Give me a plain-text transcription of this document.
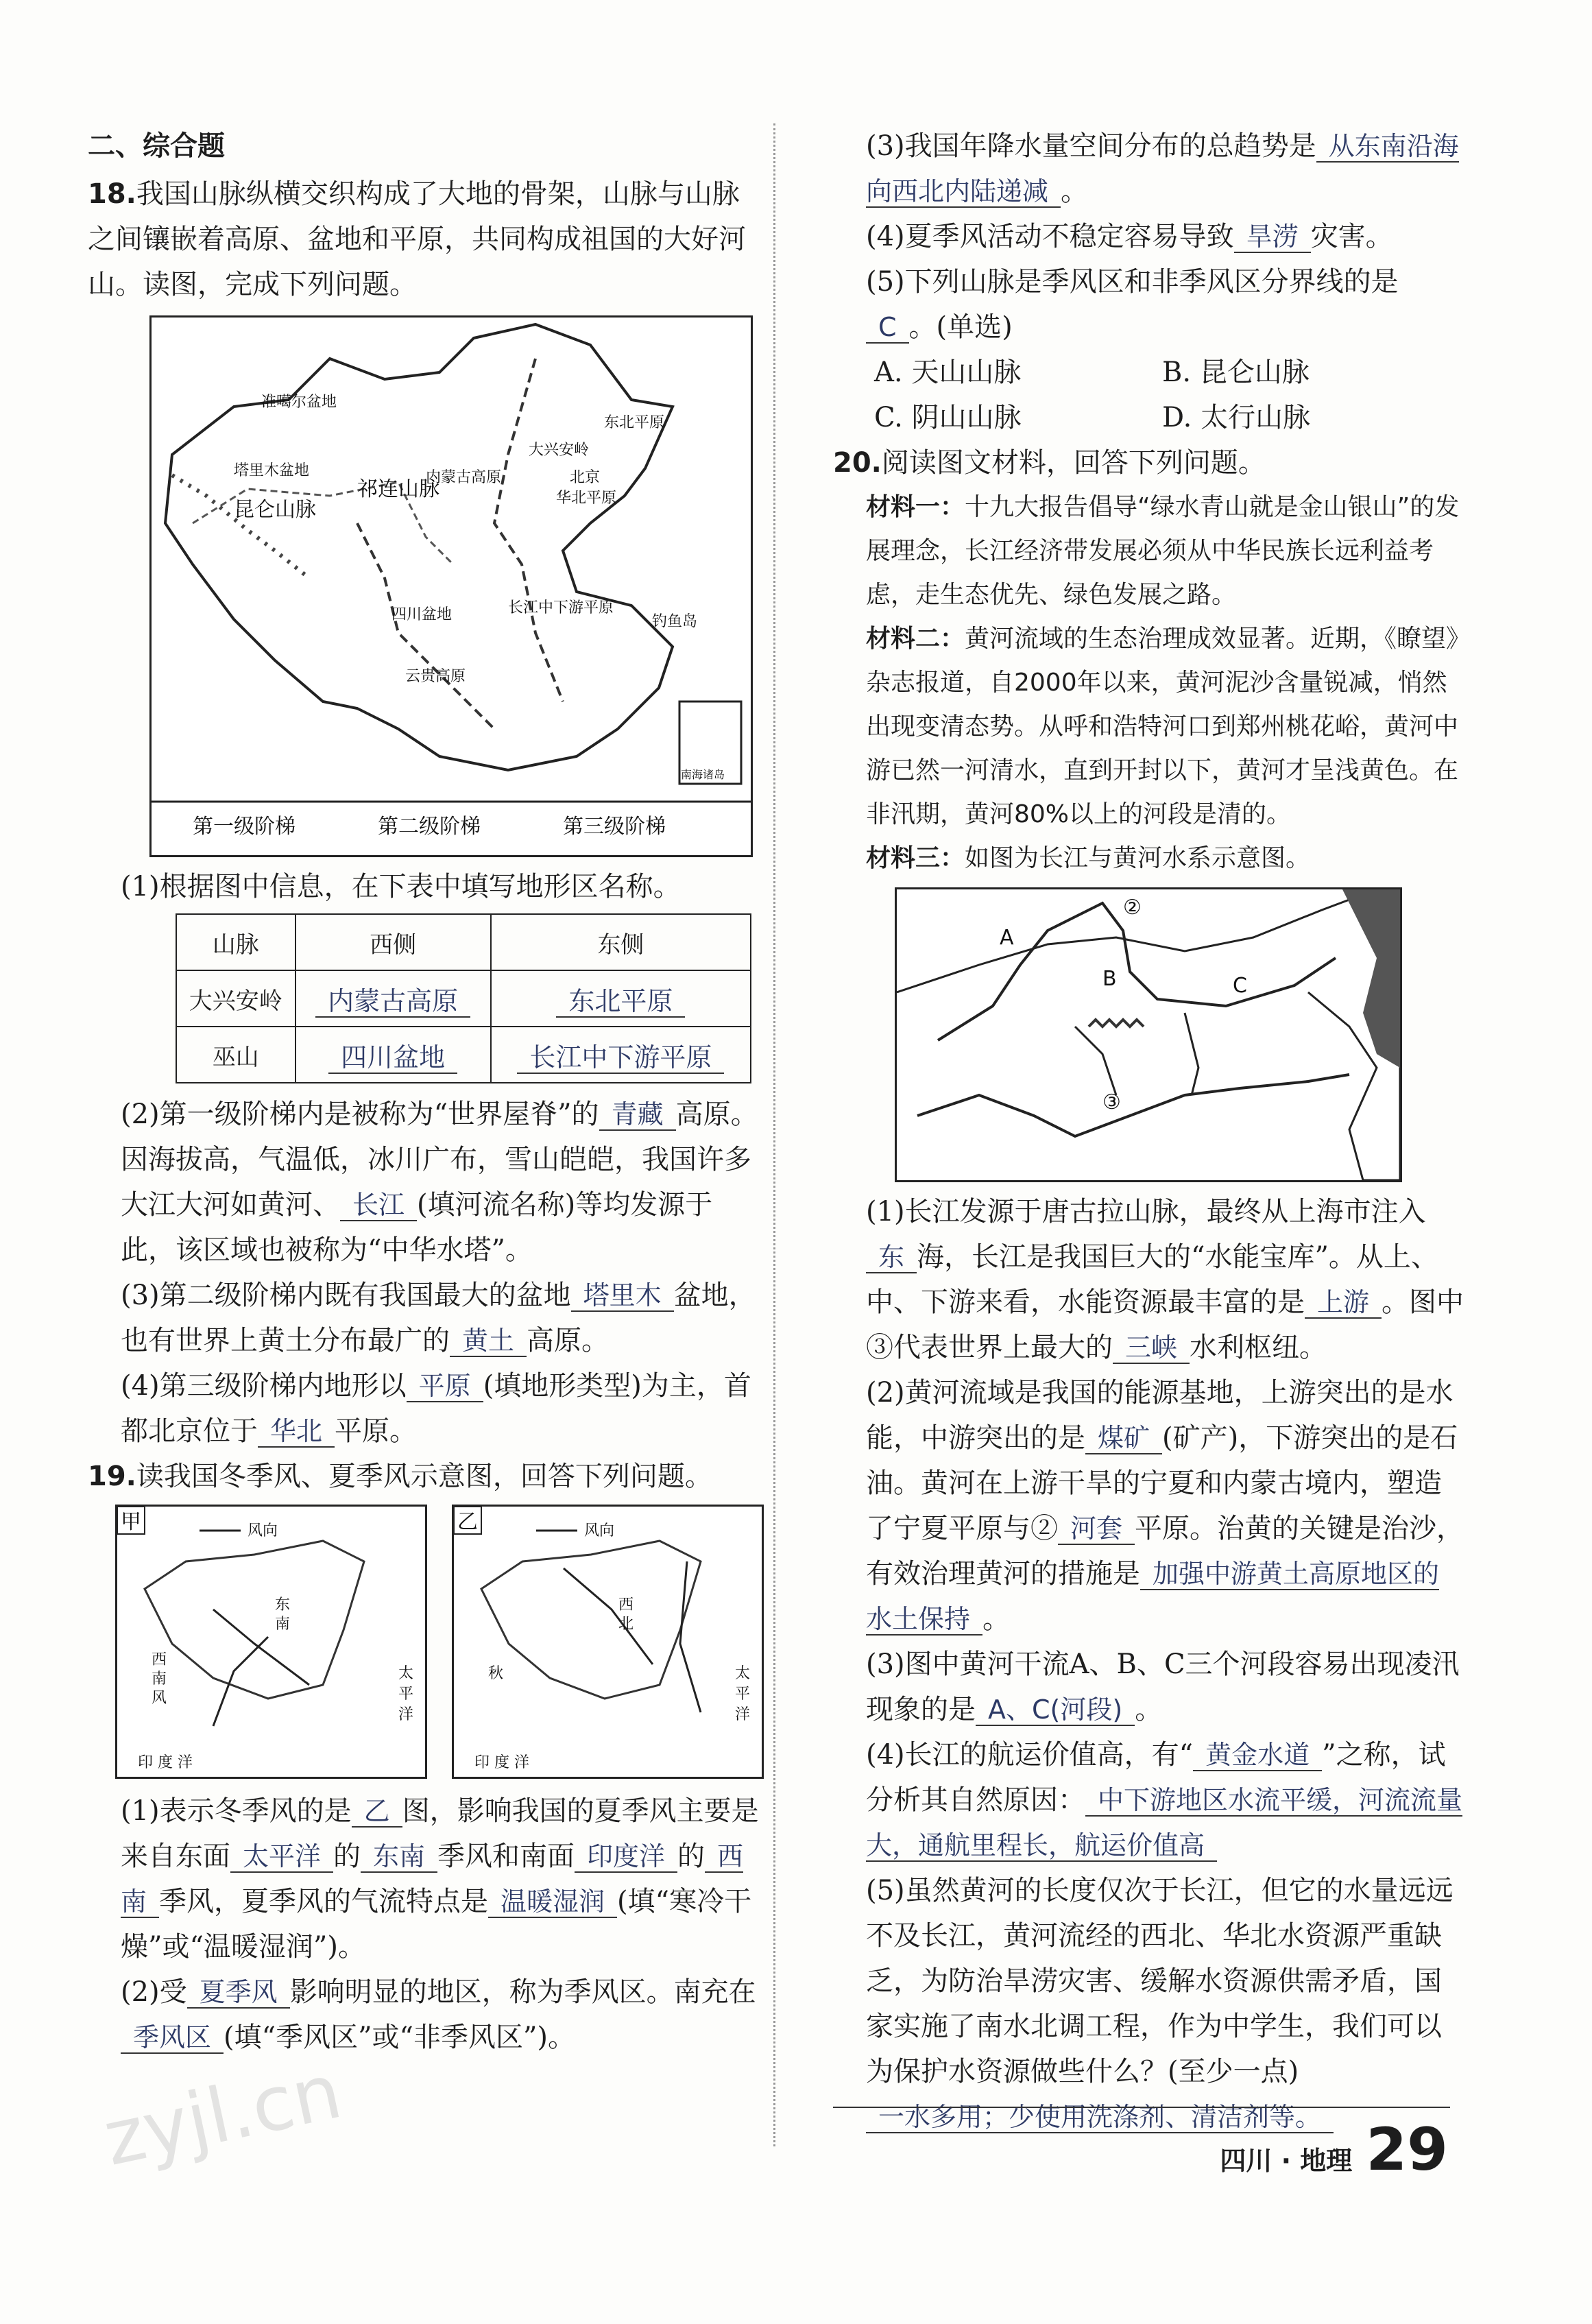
二、综合题

18.我国山脉纵横交织构成了大地的骨架，山脉与山脉之间镶嵌着高原、盆地和平原，共同构成祖国的大好河山。读图，完成下列问题。

准噶尔盆地
塔里木盆地
昆仑山脉
祁连山脉
内蒙古高原
大兴安岭
东北平原
北京
华北平原
四川盆地	长江中下游平原
云贵高原
钓鱼岛
南海诸岛
第一级阶梯	第二级阶梯	第三级阶梯

(1)根据图中信息，在下表中填写地形区名称。

山脉	西侧	东侧
大兴安岭	内蒙古高原	东北平原
巫山	四川盆地	长江中下游平原

(2)第一级阶梯内是被称为“世界屋脊”的 青藏 高原。因海拔高，气温低，冰川广布，雪山皑皑，我国许多大江大河如黄河、 长江 (填河流名称)等均发源于此，该区域也被称为“中华水塔”。

(3)第二级阶梯内既有我国最大的盆地 塔里木 盆地，也有世界上黄土分布最广的 黄土 高原。

(4)第三级阶梯内地形以 平原 (填地形类型)为主，首都北京位于 华北 平原。

19.读我国冬季风、夏季风示意图，回答下列问题。

甲	风向
东
南
西
南
风
太
平
洋
印 度 洋
乙	风向
西
北
秋	太
平
洋
印 度 洋

(1)表示冬季风的是 乙 图，影响我国的夏季风主要是来自东面 太平洋 的 东南 季风和南面 印度洋 的 西南 季风，夏季风的气流特点是 温暖湿润 (填“寒冷干燥”或“温暖湿润”)。

(2)受 夏季风 影响明显的地区，称为季风区。南充在季风区 (填“季风区”或“非季风区”)。

(3)我国年降水量空间分布的总趋势是 从东南沿海向西北内陆递减 。

(4)夏季风活动不稳定容易导致 旱涝 灾害。

(5)下列山脉是季风区和非季风区分界线的是C 。(单选)

A. 天山山脉	B. 昆仑山脉
C. 阴山山脉	D. 太行山脉

20.阅读图文材料，回答下列问题。

材料一：十九大报告倡导“绿水青山就是金山银山”的发展理念，长江经济带发展必须从中华民族长远利益考虑，走生态优先、绿色发展之路。

材料二：黄河流域的生态治理成效显著。近期，《瞭望》杂志报道，自2000年以来，黄河泥沙含量锐减，悄然出现变清态势。从呼和浩特河口到郑州桃花峪，黄河中游已然一河清水，直到开封以下，黄河才呈浅黄色。在非汛期，黄河80%以上的河段是清的。

材料三：如图为长江与黄河水系示意图。

②
A
B	C
③

(1)长江发源于唐古拉山脉，最终从上海市注入东 海，长江是我国巨大的“水能宝库”。从上、中、下游来看，水能资源最丰富的是 上游 。图中③代表世界上最大的 三峡 水利枢纽。

(2)黄河流域是我国的能源基地，上游突出的是水能，中游突出的是 煤矿 (矿产)，下游突出的是石油。黄河在上游干旱的宁夏和内蒙古境内，塑造了宁夏平原与② 河套 平原。治黄的关键是治沙，有效治理黄河的措施是 加强中游黄土高原地区的水土保持 。

(3)图中黄河干流A、B、C三个河段容易出现凌汛现象的是 A、C(河段) 。

(4)长江的航运价值高，有“ 黄金水道 ”之称，试分析其自然原因： 中下游地区水流平缓，河流流量大，通航里程长，航运价值高

(5)虽然黄河的长度仅次于长江，但它的水量远远不及长江，黄河流经的西北、华北水资源严重缺乏，为防治旱涝灾害、缓解水资源供需矛盾，国家实施了南水北调工程，作为中学生，我们可以为保护水资源做些什么？(至少一点)

一水多用；少使用洗涤剂、清洁剂等。

四川 · 地理 29
zyjl.cn
